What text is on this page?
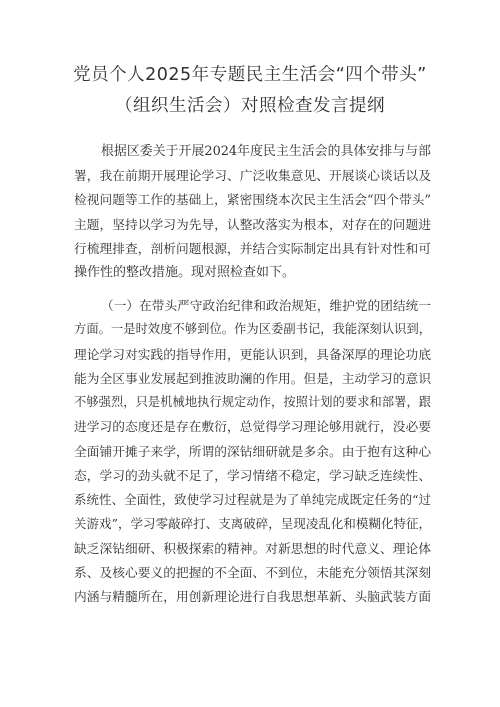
党员个人2025年专题民主生活会“四个带头”
（组织生活会）对照检查发言提纲
根据区委关于开展2024年度民主生活会的具体安排与与部
署，我在前期开展理论学习、广泛收集意见、开展谈心谈话以及
检视问题等工作的基础上，紧密围绕本次民主生活会“四个带头”
主题，坚持以学习为先导，认整改落实为根本，对存在的问题进
行梳理排查，剖析问题根源，并结合实际制定出具有针对性和可
操作性的整改措施。现对照检查如下。
（一）在带头严守政治纪律和政治规矩，维护党的团结统一
方面。一是时效度不够到位。作为区委副书记，我能深刻认识到，
理论学习对实践的指导作用，更能认识到，具备深厚的理论功底
能为全区事业发展起到推波助澜的作用。但是，主动学习的意识
不够强烈，只是机械地执行规定动作，按照计划的要求和部署，跟
进学习的态度还是存在敷衍，总觉得学习理论够用就行，没必要
全面铺开摊子来学，所谓的深钻细研就是多余。由于抱有这种心
态，学习的劲头就不足了，学习情绪不稳定，学习缺乏连续性、
系统性、全面性，致使学习过程就是为了单纯完成既定任务的“过
关游戏”，学习零敲碎打、支离破碎，呈现凌乱化和模糊化特征，
缺乏深钻细研、积极探索的精神。对新思想的时代意义、理论体
系、及核心要义的把握的不全面、不到位，未能充分领悟其深刻
内涵与精髓所在，用创新理论进行自我思想革新、头脑武装方面
